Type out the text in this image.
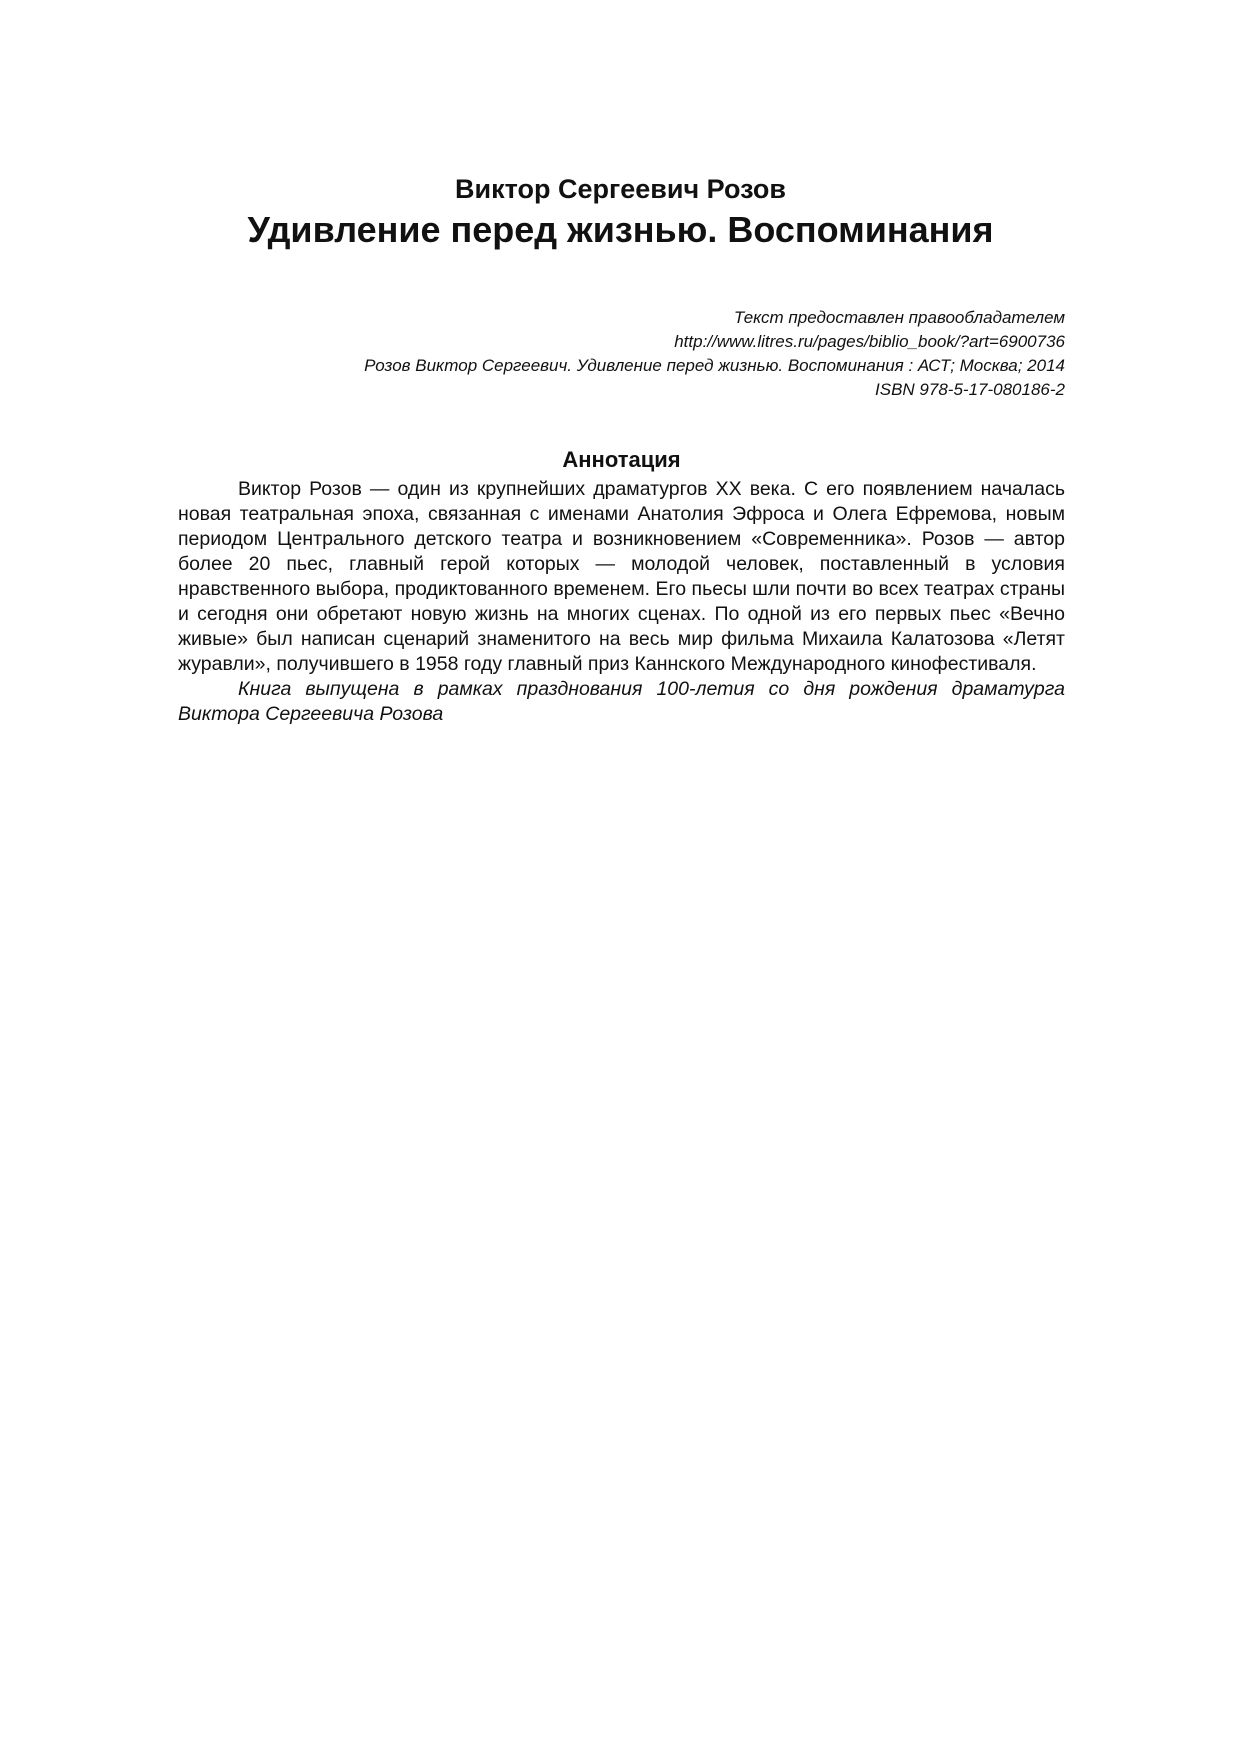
Виктор Сергеевич Розов
Удивление перед жизнью. Воспоминания
Текст предоставлен правообладателем
http://www.litres.ru/pages/biblio_book/?art=6900736
Розов Виктор Сергеевич. Удивление перед жизнью. Воспоминания : АСТ; Москва; 2014
ISBN 978-5-17-080186-2
Аннотация

Виктор Розов — один из крупнейших драматургов XX века. С его появлением началась новая театральная эпоха, связанная с именами Анатолия Эфроса и Олега Ефремова, новым периодом Центрального детского театра и возникновением «Современника». Розов — автор более 20 пьес, главный герой которых — молодой человек, поставленный в условия нравственного выбора, продиктованного временем. Его пьесы шли почти во всех театрах страны и сегодня они обретают новую жизнь на многих сценах. По одной из его первых пьес «Вечно живые» был написан сценарий знаменитого на весь мир фильма Михаила Калатозова «Летят журавли», получившего в 1958 году главный приз Каннского Международного кинофестиваля.

Книга выпущена в рамках празднования 100-летия со дня рождения драматурга Виктора Сергеевича Розова
